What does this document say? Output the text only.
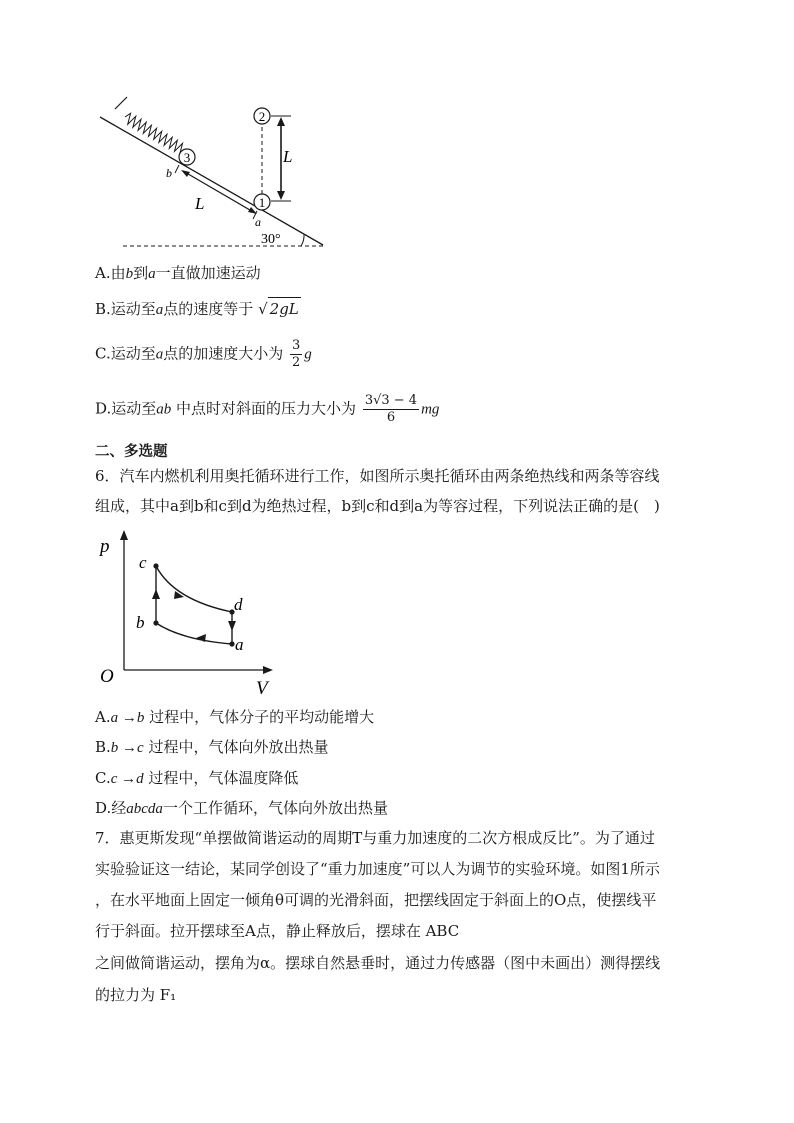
3
b
L	1
a
2
L
30°
A.由b到a一直做加速运动
B.运动至a点的速度等于 √ 2gL
C.运动至a点的加速度大小为 $\frac{3}{2}$ g
D.运动至ab 中点时对斜面的压力大小为 $\frac{3√3 - 4}{6}$ mg
二、多选题
6．汽车内燃机利用奥托循环进行工作，如图所示奥托循环由两条绝热线和两条等容线
组成，其中a到b和c到d为绝热过程，b到c和d到a为等容过程，下列说法正确的是(　)
p
V
O
c
b
d
a
A.a →b 过程中，气体分子的平均动能增大
B.b →c 过程中，气体向外放出热量
C.c →d 过程中，气体温度降低
D.经abcda一个工作循环，气体向外放出热量
7．惠更斯发现“单摆做简谐运动的周期T与重力加速度的二次方根成反比”。为了通过
实验验证这一结论，某同学创设了“重力加速度”可以人为调节的实验环境。如图1所示
，在水平地面上固定一倾角θ可调的光滑斜面，把摆线固定于斜面上的O点，使摆线平
行于斜面。拉开摆球至A点，静止释放后，摆球在 ABC
之间做简谐运动，摆角为α。摆球自然悬垂时，通过力传感器（图中未画出）测得摆线
的拉力为 F₁
